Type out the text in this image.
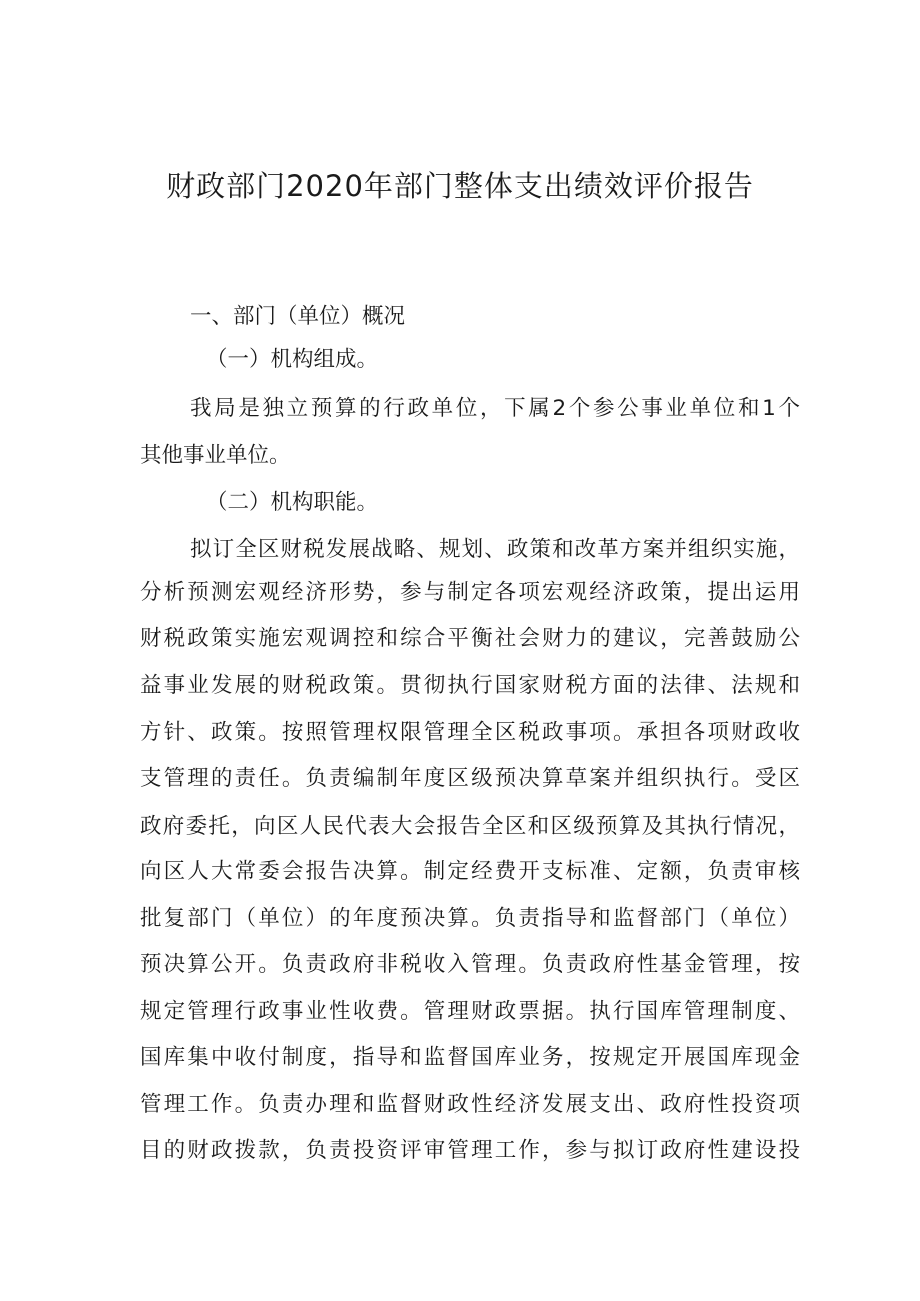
财政部门2020年部门整体支出绩效评价报告
一、部门（单位）概况
（一）机构组成。
我局是独立预算的行政单位，下属2个参公事业单位和1个
其他事业单位。
（二）机构职能。
拟订全区财税发展战略、规划、政策和改革方案并组织实施，
分析预测宏观经济形势，参与制定各项宏观经济政策，提出运用
财税政策实施宏观调控和综合平衡社会财力的建议，完善鼓励公
益事业发展的财税政策。贯彻执行国家财税方面的法律、法规和
方针、政策。按照管理权限管理全区税政事项。承担各项财政收
支管理的责任。负责编制年度区级预决算草案并组织执行。受区
政府委托，向区人民代表大会报告全区和区级预算及其执行情况，
向区人大常委会报告决算。制定经费开支标准、定额，负责审核
批复部门（单位）的年度预决算。负责指导和监督部门（单位）
预决算公开。负责政府非税收入管理。负责政府性基金管理，按
规定管理行政事业性收费。管理财政票据。执行国库管理制度、
国库集中收付制度，指导和监督国库业务，按规定开展国库现金
管理工作。负责办理和监督财政性经济发展支出、政府性投资项
目的财政拨款，负责投资评审管理工作，参与拟订政府性建设投
